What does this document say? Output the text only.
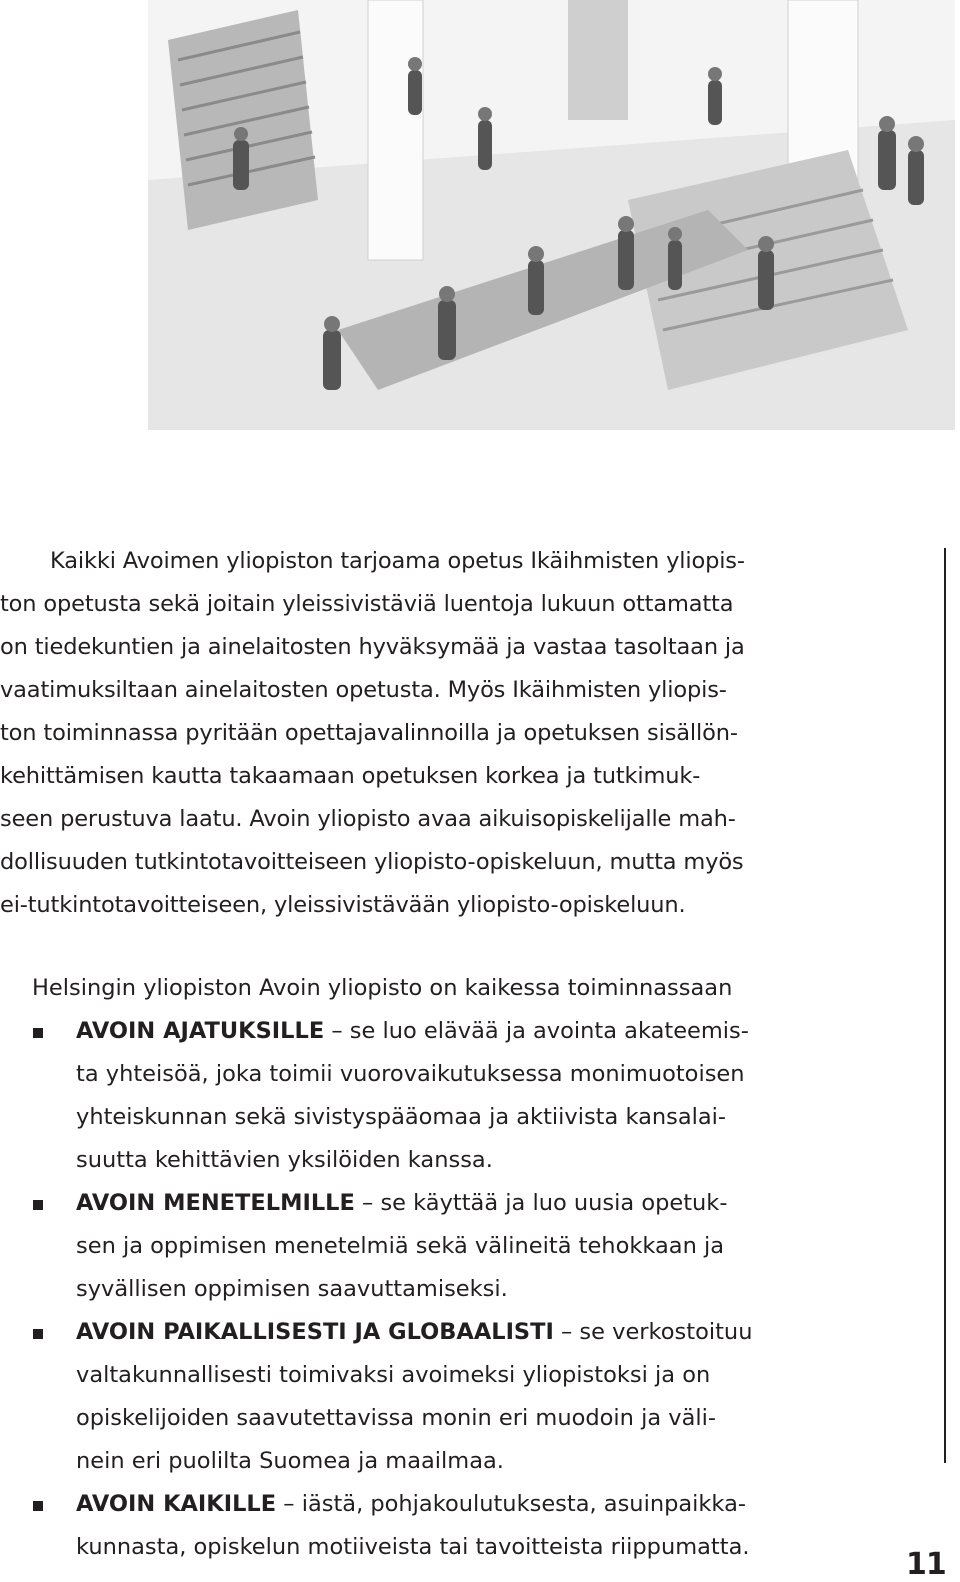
Kaikki Avoimen yliopiston tarjoama opetus Ikäihmisten yliopis-
ton opetusta sekä joitain yleissivistäviä luentoja lukuun ottamatta
on tiedekuntien ja ainelaitosten hyväksymää ja vastaa tasoltaan ja
vaatimuksiltaan ainelaitosten opetusta. Myös Ikäihmisten yliopis-
ton toiminnassa pyritään opettajavalinnoilla ja opetuksen sisällön-
kehittämisen kautta takaamaan opetuksen korkea ja tutkimuk-
seen perustuva laatu. Avoin yliopisto avaa aikuisopiskelijalle mah-
dollisuuden tutkintotavoitteiseen yliopisto-opiskeluun, mutta myös
ei-tutkintotavoitteiseen, yleissivistävään yliopisto-opiskeluun.
Helsingin yliopiston Avoin yliopisto on kaikessa toiminnassaan
AVOIN AJATUKSILLE – se luo elävää ja avointa akateemis-
ta yhteisöä, joka toimii vuorovaikutuksessa monimuotoisen
yhteiskunnan sekä sivistyspääomaa ja aktiivista kansalai-
suutta kehittävien yksilöiden kanssa.
AVOIN MENETELMILLE – se käyttää ja luo uusia opetuk-
sen ja oppimisen menetelmiä sekä välineitä tehokkaan ja
syvällisen oppimisen saavuttamiseksi.
AVOIN PAIKALLISESTI JA GLOBAALISTI – se verkostoituu
valtakunnallisesti toimivaksi avoimeksi yliopistoksi ja on
opiskelijoiden saavutettavissa monin eri muodoin ja väli-
nein eri puolilta Suomea ja maailmaa.
AVOIN KAIKILLE – iästä, pohjakoulutuksesta, asuinpaikka-
kunnasta, opiskelun motiiveista tai tavoitteista riippumatta.	11
